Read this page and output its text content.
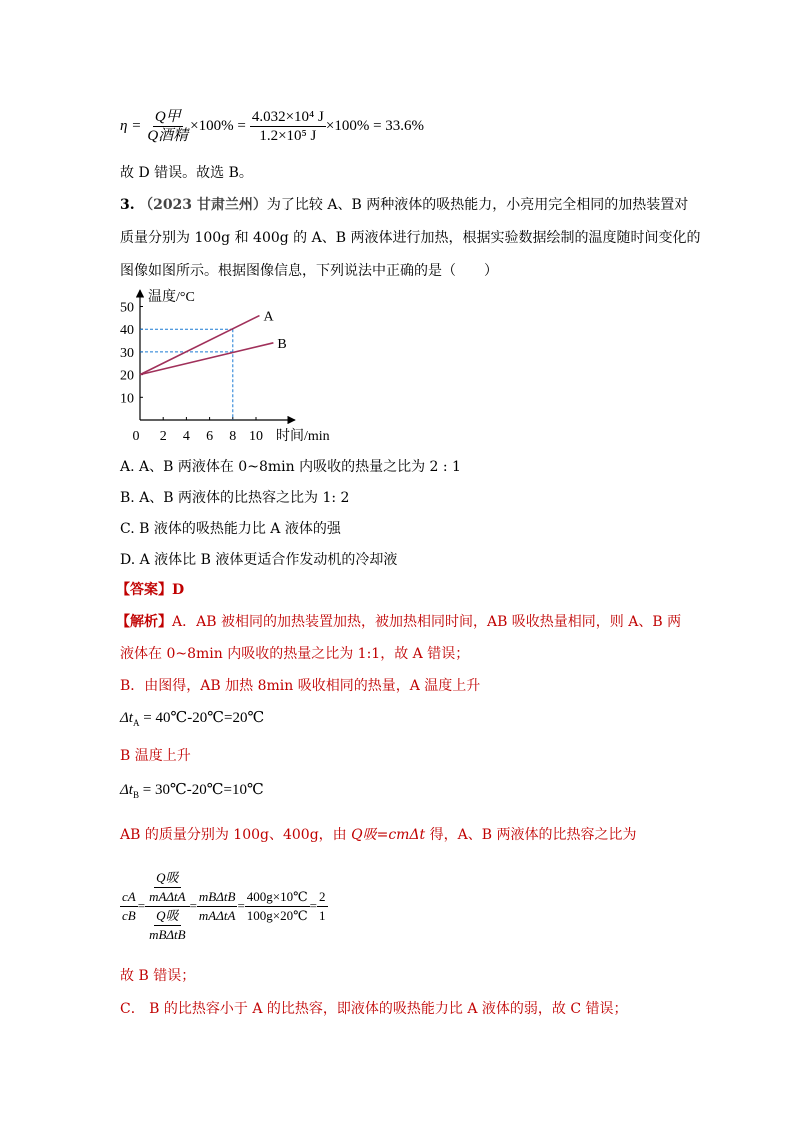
$\eta = \frac{\text{Q甲}}{\text{Q酒精}} \times 100\% = \frac{\text{4.032×10⁴ J}}{\text{1.2×10⁵ J}} \times 100\% = 33.6\%$
故 D 错误。故选 B。
3. （2023 甘肃兰州）为了比较 A、B 两种液体的吸热能力，小亮用完全相同的加热装置对
质量分别为 100g 和 400g 的 A、B 两液体进行加热，根据实验数据绘制的温度随时间变化的
图像如图所示。根据图像信息，下列说法中正确的是（　　）
温度/°C
时间/min
0 2 4 6 8 10
10
20
30
40
50
A
B
A. A、B 两液体在 0~8min 内吸收的热量之比为 2 : 1
B. A、B 两液体的比热容之比为 1: 2
C. B 液体的吸热能力比 A 液体的强
D. A 液体比 B 液体更适合作发动机的冷却液
【答案】D
【解析】A．AB 被相同的加热装置加热，被加热相同时间，AB 吸收热量相同，则 A、B 两
液体在 0~8min 内吸收的热量之比为 1:1，故 A 错误；
B．由图得，AB 加热 8min 吸收相同的热量，A 温度上升
$\Delta t_A$ = 40℃-20℃=20℃
B 温度上升
$\Delta t_B$ = 30℃-20℃=10℃
AB 的质量分别为 100g、400g，由 Q吸=cmΔt 得，A、B 两液体的比热容之比为
$\frac{cA}{cB} = \frac{\frac{\text{Q吸}}{\text{mAΔtA}}}{\frac{\text{Q吸}}{\text{mBΔtB}}} = \frac{\text{mBΔtB}}{\text{mAΔtA}} = \frac{400g\times 10℃}{100g\times 20℃} = \frac{2}{1}$
故 B 错误；
C． B 的比热容小于 A 的比热容，即液体的吸热能力比 A 液体的弱，故 C 错误；
